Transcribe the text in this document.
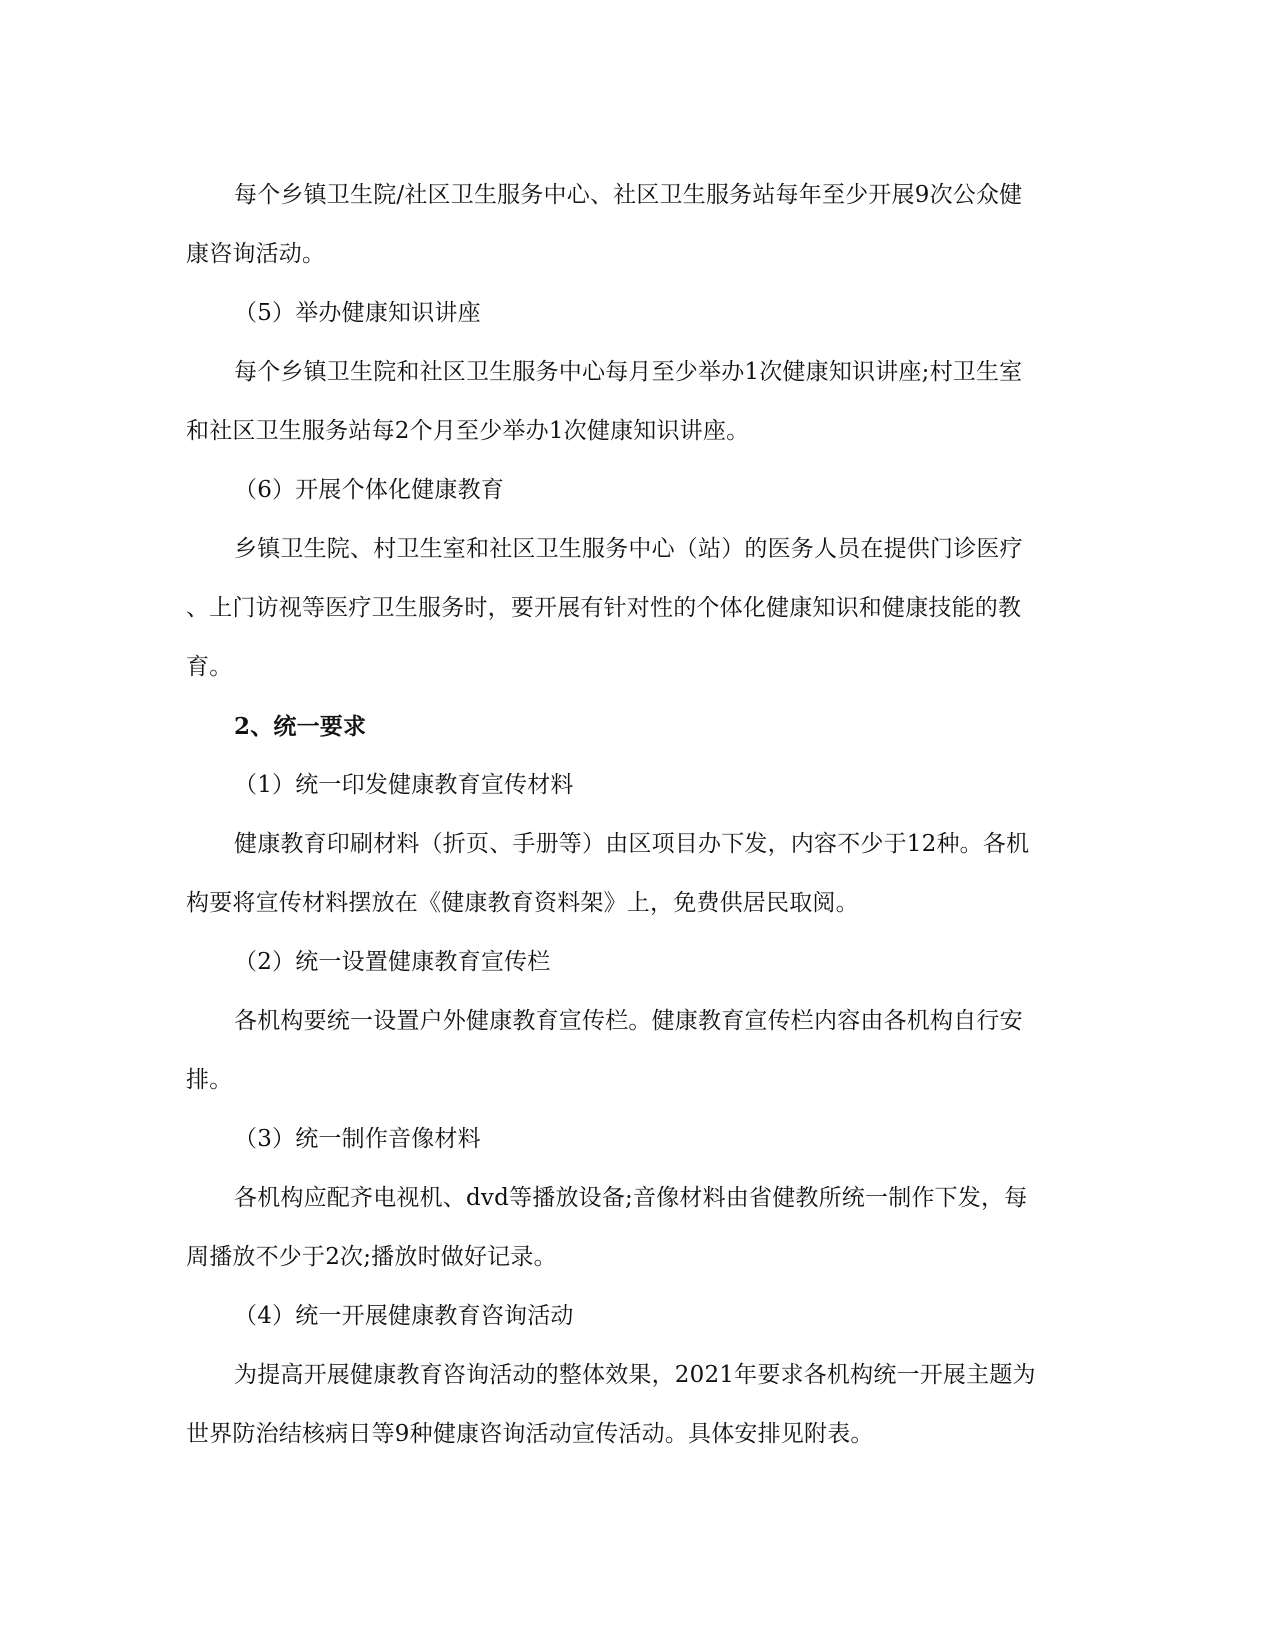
每个乡镇卫生院/社区卫生服务中心、社区卫生服务站每年至少开展9次公众健
康咨询活动。
（5）举办健康知识讲座
每个乡镇卫生院和社区卫生服务中心每月至少举办1次健康知识讲座;村卫生室
和社区卫生服务站每2个月至少举办1次健康知识讲座。
（6）开展个体化健康教育
乡镇卫生院、村卫生室和社区卫生服务中心（站）的医务人员在提供门诊医疗
、上门访视等医疗卫生服务时，要开展有针对性的个体化健康知识和健康技能的教
育。
2、统一要求
（1）统一印发健康教育宣传材料
健康教育印刷材料（折页、手册等）由区项目办下发，内容不少于12种。各机
构要将宣传材料摆放在《健康教育资料架》上，免费供居民取阅。
（2）统一设置健康教育宣传栏
各机构要统一设置户外健康教育宣传栏。健康教育宣传栏内容由各机构自行安
排。
（3）统一制作音像材料
各机构应配齐电视机、dvd等播放设备;音像材料由省健教所统一制作下发，每
周播放不少于2次;播放时做好记录。
（4）统一开展健康教育咨询活动
为提高开展健康教育咨询活动的整体效果，2021年要求各机构统一开展主题为
世界防治结核病日等9种健康咨询活动宣传活动。具体安排见附表。
